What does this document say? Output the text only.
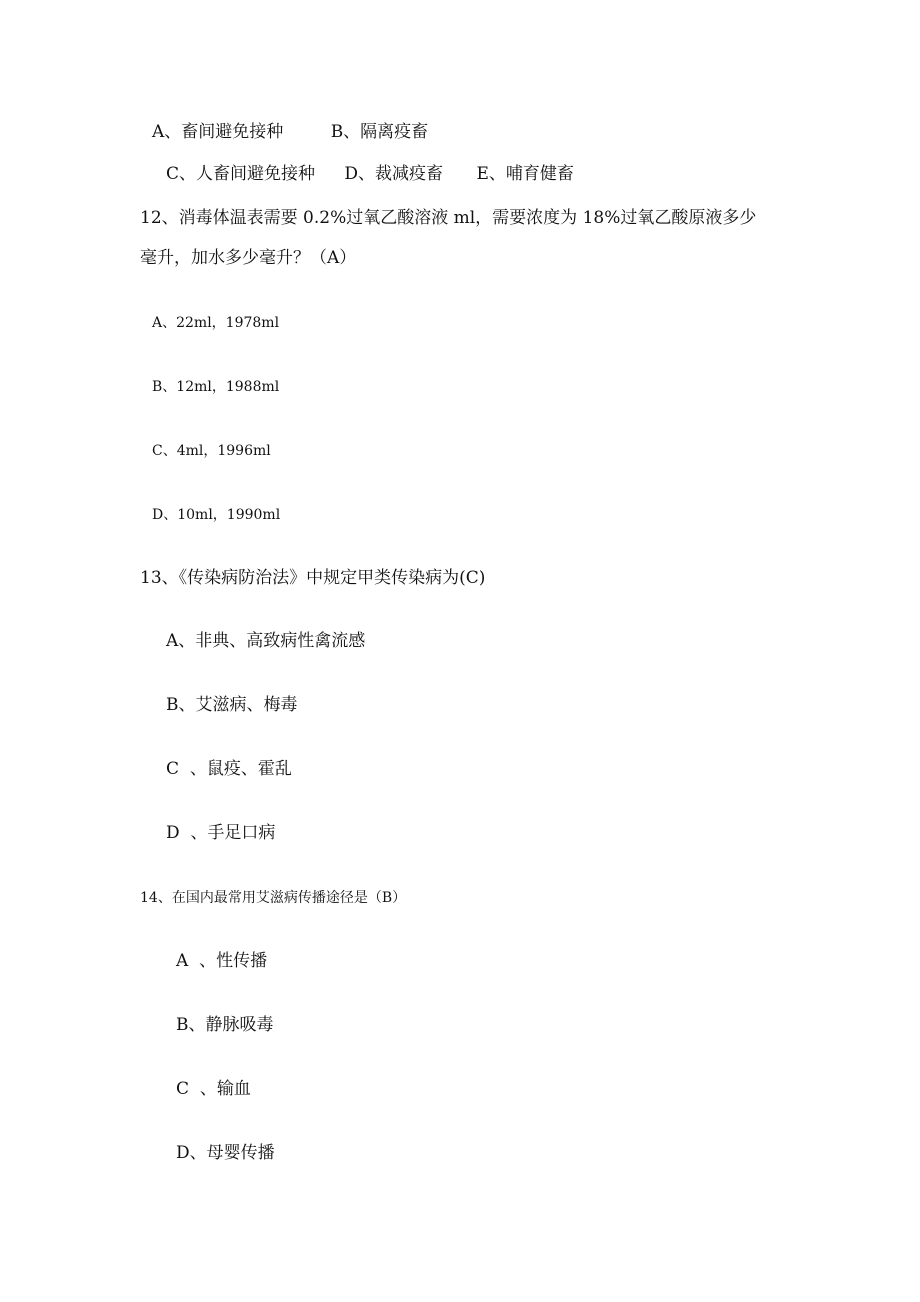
A、畜间避免接种	B、隔离疫畜
C、人畜间避免接种 D、裁减疫畜 E、哺育健畜
12、消毒体温表需要 0.2%过氧乙酸溶液 ml，需要浓度为 18%过氧乙酸原液多少
毫升，加水多少毫升？（A）
A、22ml，1978ml
B、12ml，1988ml
C、4ml，1996ml
D、10ml，1990ml
13、《传染病防治法》中规定甲类传染病为(C)
A、非典、高致病性禽流感
B、艾滋病、梅毒
C  、鼠疫、霍乱
D  、手足口病
14、在国内最常用艾滋病传播途径是（B）
A  、性传播
B、静脉吸毒
C  、输血
D、母婴传播
